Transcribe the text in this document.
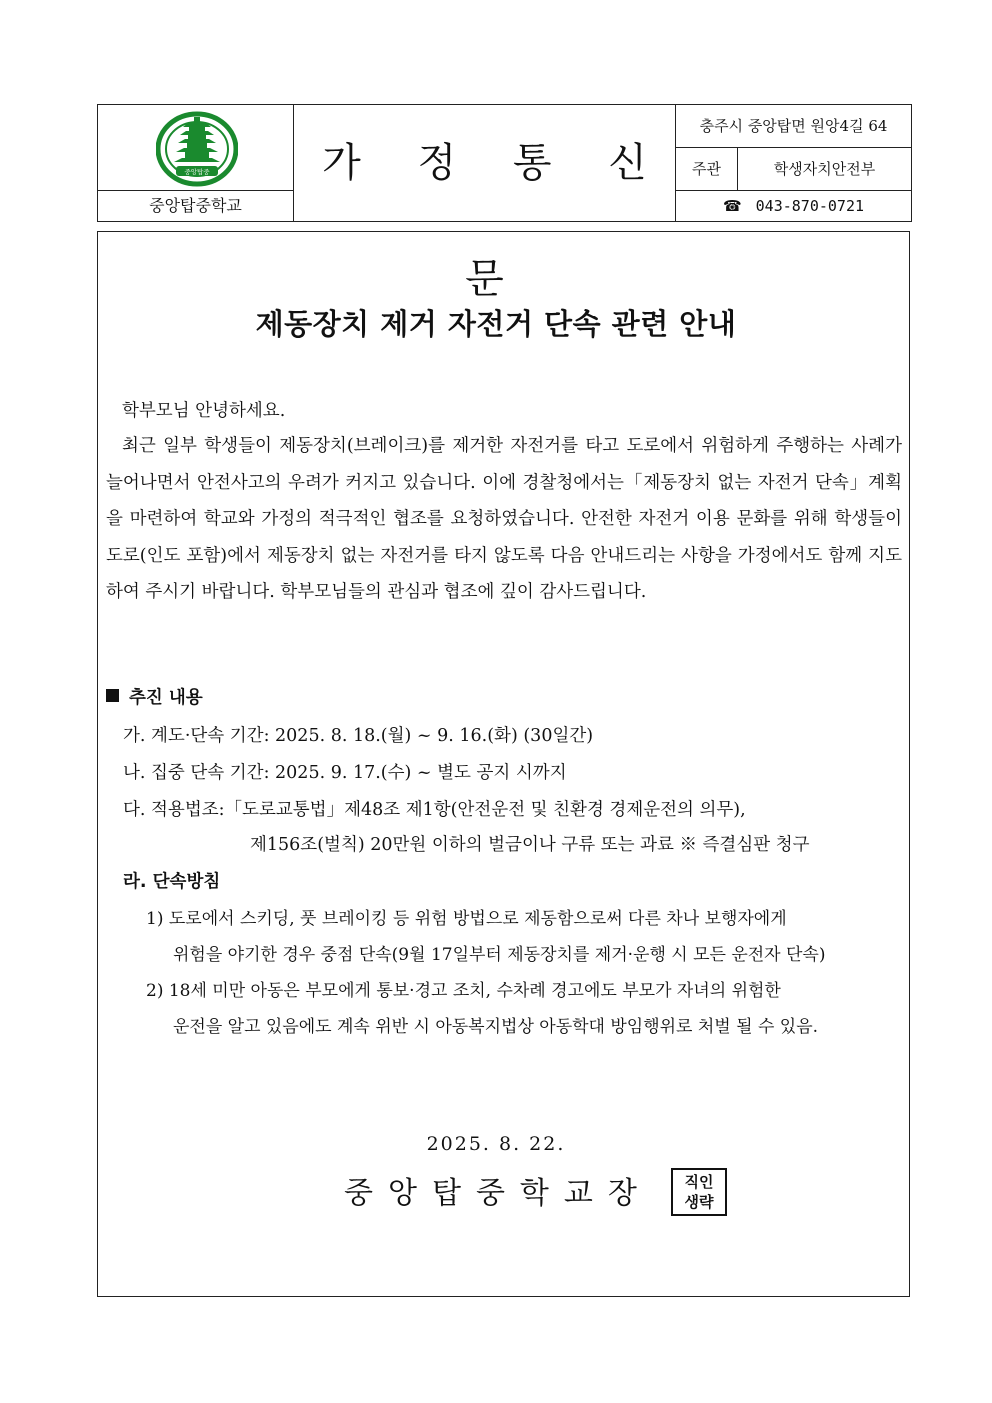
중앙탑중
중앙탑중학교
가 정 통 신 문
충주시 중앙탑면 원앙4길 64
주관	학생자치안전부
☎ 043-870-0721
제동장치 제거 자전거 단속 관련 안내
학부모님 안녕하세요.
최근 일부 학생들이 제동장치(브레이크)를 제거한 자전거를 타고 도로에서 위험하게 주행하는 사례가 늘어나면서 안전사고의 우려가 커지고 있습니다. 이에 경찰청에서는「제동장치 없는 자전거 단속」계획을 마련하여 학교와 가정의 적극적인 협조를 요청하였습니다. 안전한 자전거 이용 문화를 위해 학생들이 도로(인도 포함)에서 제동장치 없는 자전거를 타지 않도록 다음 안내드리는 사항을 가정에서도 함께 지도하여 주시기 바랍니다. 학부모님들의 관심과 협조에 깊이 감사드립니다.
추진 내용
가. 계도·단속 기간: 2025. 8. 18.(월) ~ 9. 16.(화) (30일간)
나. 집중 단속 기간: 2025. 9. 17.(수) ~ 별도 공지 시까지
다. 적용법조:「도로교통법」제48조 제1항(안전운전 및 친환경 경제운전의 의무),
제156조(벌칙) 20만원 이하의 벌금이나 구류 또는 과료 ※ 즉결심판 청구
라. 단속방침
1) 도로에서 스키딩, 풋 브레이킹 등 위험 방법으로 제동함으로써 다른 차나 보행자에게
위험을 야기한 경우 중점 단속(9월 17일부터 제동장치를 제거·운행 시 모든 운전자 단속)
2) 18세 미만 아동은 부모에게 통보·경고 조치, 수차례 경고에도 부모가 자녀의 위험한
운전을 알고 있음에도 계속 위반 시 아동복지법상 아동학대 방임행위로 처벌 될 수 있음.
2025. 8. 22.
중앙탑중학교장	직인
생략
